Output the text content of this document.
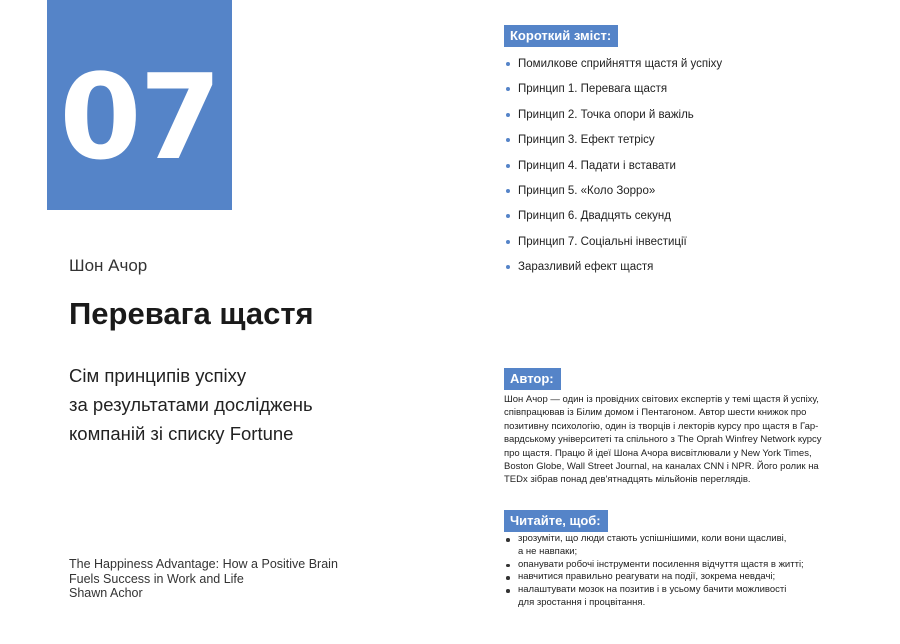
07
Шон Ачор
Перевага щастя
Сім принципів успіху
за результатами досліджень
компаній зі списку Fortune
The Happiness Advantage: How a Positive Brain
Fuels Success in Work and Life
Shawn Achor
Короткий зміст:
Помилкове сприйняття щастя й успіху
Принцип 1. Перевага щастя
Принцип 2. Точка опори й важіль
Принцип 3. Ефект тетрісу
Принцип 4. Падати і вставати
Принцип 5. «Коло Зорро»
Принцип 6. Двадцять секунд
Принцип 7. Соціальні інвестиції
Заразливий ефект щастя
Автор:
Шон Ачор — один із провідних світових експертів у темі щастя й успіху,
співпрацював із Білим домом і Пентагоном. Автор шести книжок про
позитивну психологію, один із творців і лекторів курсу про щастя в Гар-
вардському університеті та спільного з The Oprah Winfrey Network курсу
про щастя. Працю й ідеї Шона Ачора висвітлювали у New York Times,
Boston Globe, Wall Street Journal, на каналах CNN і NPR. Його ролик на
TEDx зібрав понад дев'ятнадцять мільйонів переглядів.
Читайте, щоб:
зрозуміти, що люди стають успішнішими, коли вони щасливі,
а не навпаки;
опанувати робочі інструменти посилення відчуття щастя в житті;
навчитися правильно реагувати на події, зокрема невдачі;
налаштувати мозок на позитив і в усьому бачити можливості
для зростання і процвітання.
